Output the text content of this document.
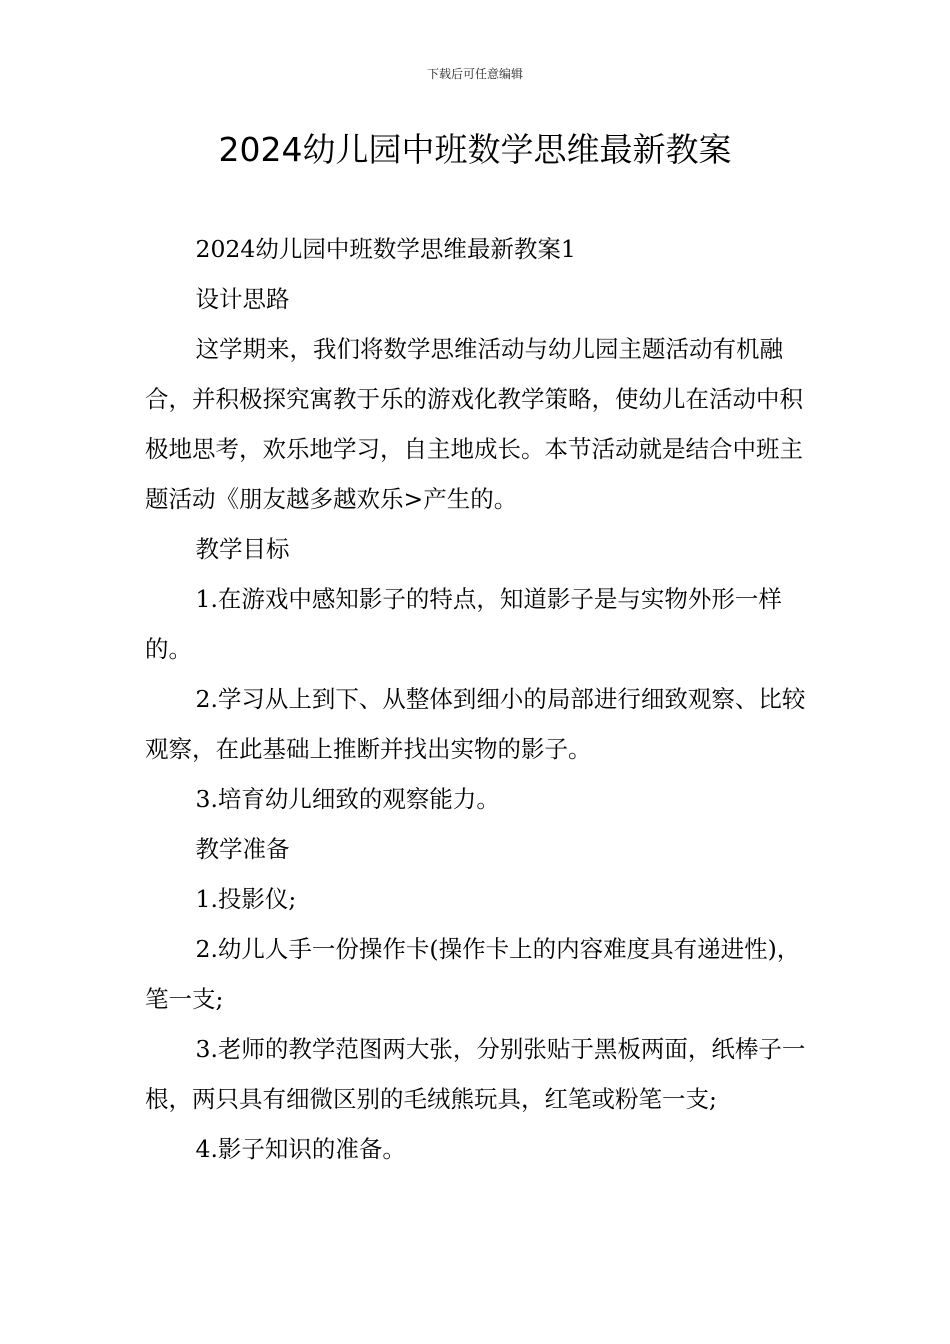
下载后可任意编辑
2024幼儿园中班数学思维最新教案

2024幼儿园中班数学思维最新教案1

设计思路

这学期来，我们将数学思维活动与幼儿园主题活动有机融合，并积极探究寓教于乐的游戏化教学策略，使幼儿在活动中积极地思考，欢乐地学习，自主地成长。本节活动就是结合中班主题活动《朋友越多越欢乐>产生的。

教学目标

1.在游戏中感知影子的特点，知道影子是与实物外形一样的。

2.学习从上到下、从整体到细小的局部进行细致观察、比较观察，在此基础上推断并找出实物的影子。

3.培育幼儿细致的观察能力。

教学准备

1.投影仪;

2.幼儿人手一份操作卡(操作卡上的内容难度具有递进性)，笔一支;

3.老师的教学范图两大张，分别张贴于黑板两面，纸棒子一根，两只具有细微区别的毛绒熊玩具，红笔或粉笔一支;

4.影子知识的准备。
